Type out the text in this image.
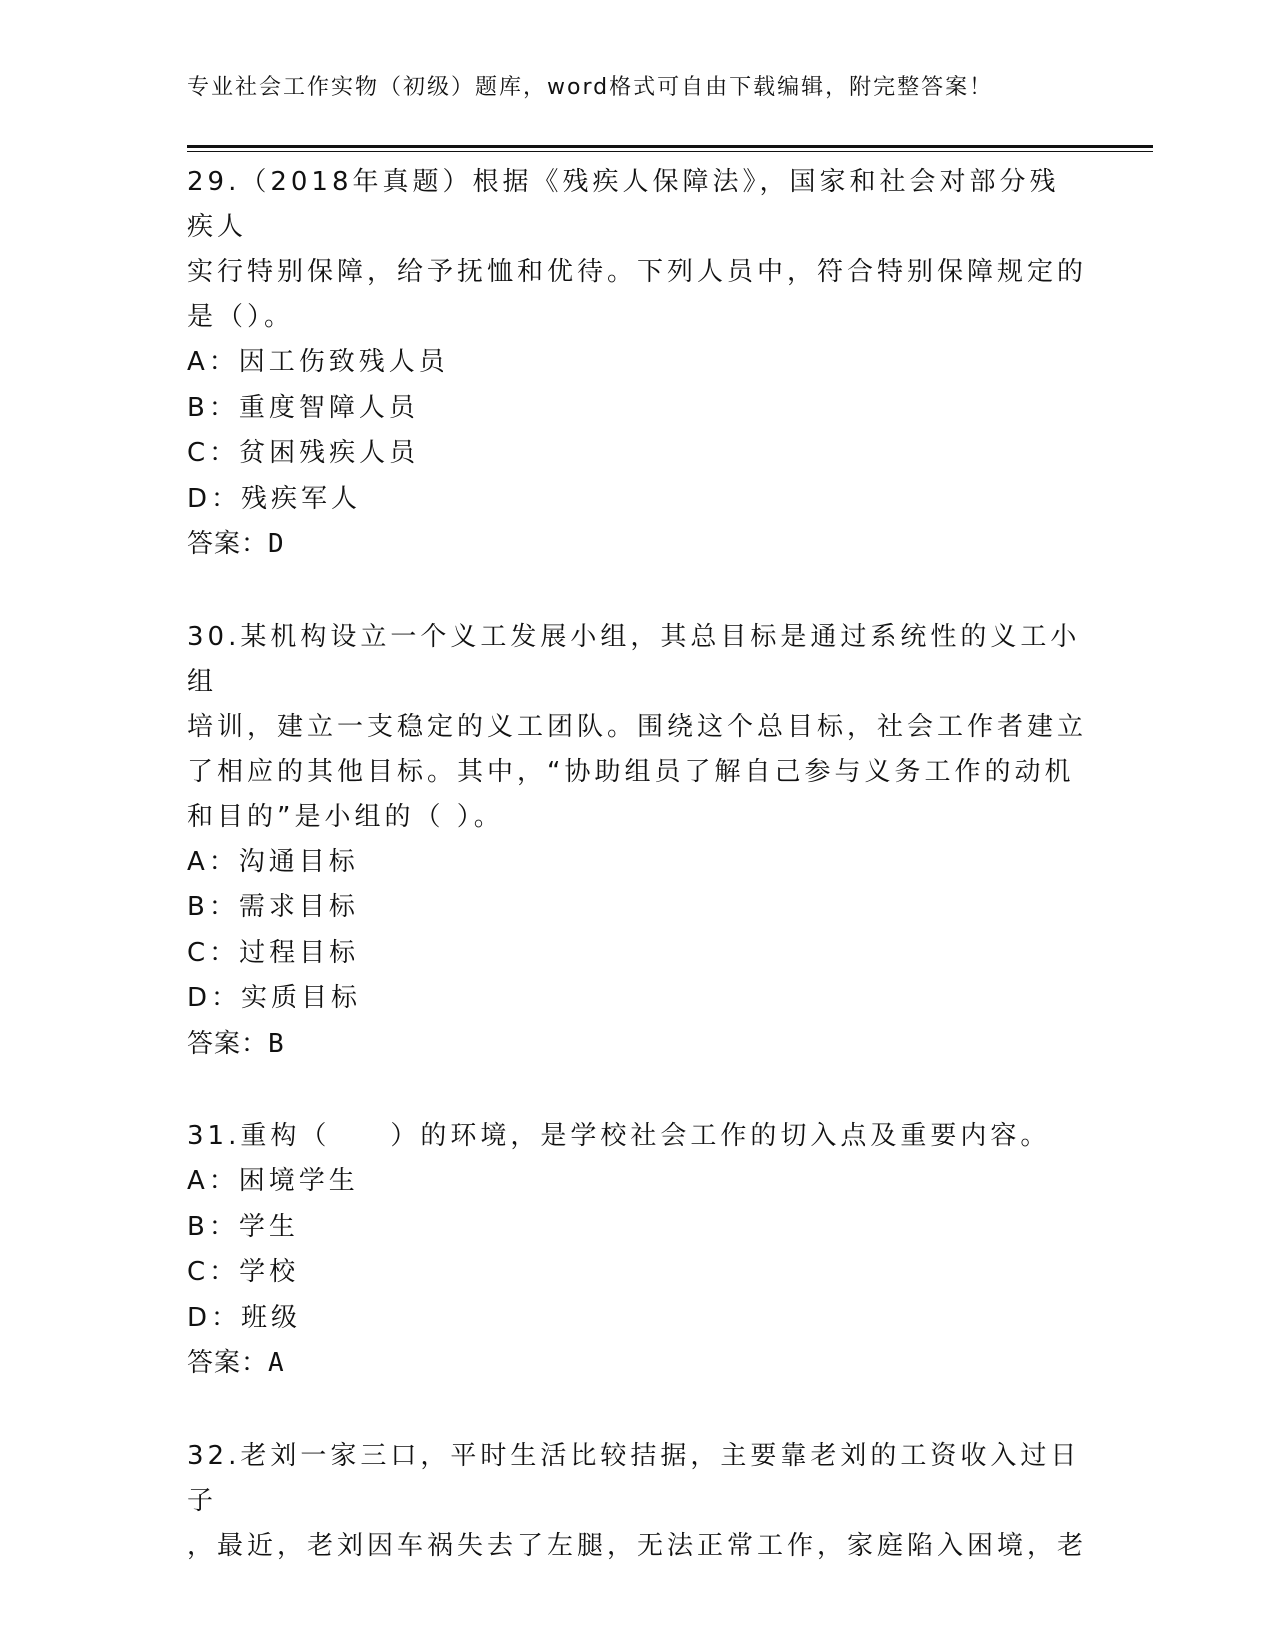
专业社会工作实物（初级）题库，word格式可自由下载编辑，附完整答案！
29.（2018年真题）根据《残疾人保障法》，国家和社会对部分残疾人
实行特别保障，给予抚恤和优待。下列人员中，符合特别保障规定的
是（）。
A：因工伤致残人员
B：重度智障人员
C：贫困残疾人员
D：残疾军人
答案：D
30.某机构设立一个义工发展小组，其总目标是通过系统性的义工小组
培训，建立一支稳定的义工团队。围绕这个总目标，社会工作者建立
了相应的其他目标。其中，“协助组员了解自己参与义务工作的动机
和目的”是小组的（ ）。
A：沟通目标
B：需求目标
C：过程目标
D：实质目标
答案：B
31.重构（　　）的环境，是学校社会工作的切入点及重要内容。
A：困境学生
B：学生
C：学校
D：班级
答案：A
32.老刘一家三口，平时生活比较拮据，主要靠老刘的工资收入过日子
，最近，老刘因车祸失去了左腿，无法正常工作，家庭陷入困境，老
